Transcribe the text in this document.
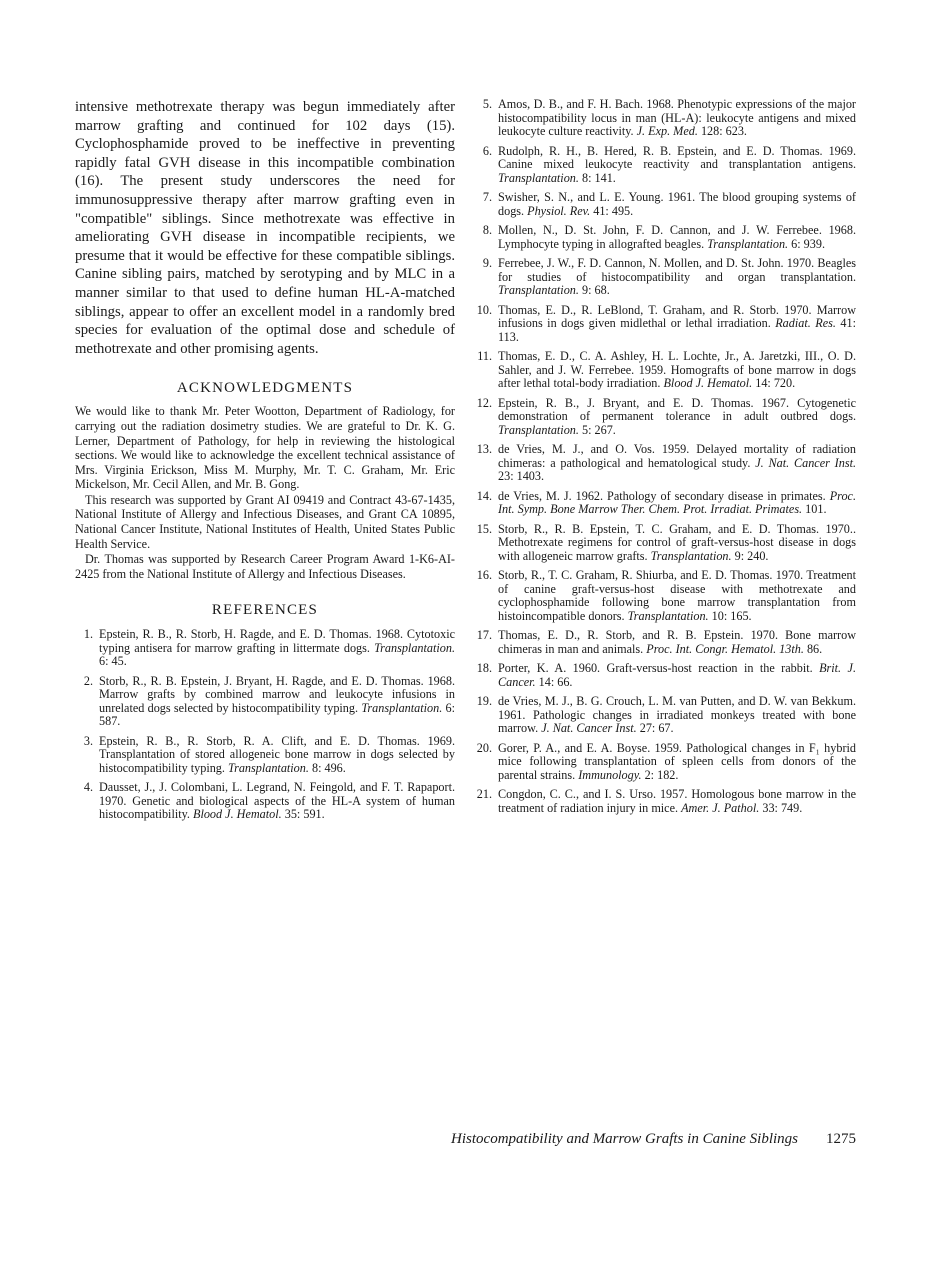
intensive methotrexate therapy was begun immediately after marrow grafting and continued for 102 days (15). Cyclophosphamide proved to be ineffective in preventing rapidly fatal GVH disease in this incompatible combination (16). The present study underscores the need for immunosuppressive therapy after marrow grafting even in "compatible" siblings. Since methotrexate was effective in ameliorating GVH disease in incompatible recipients, we presume that it would be effective for these compatible siblings. Canine sibling pairs, matched by serotyping and by MLC in a manner similar to that used to define human HL-A-matched siblings, appear to offer an excellent model in a randomly bred species for evaluation of the optimal dose and schedule of methotrexate and other promising agents.

ACKNOWLEDGMENTS

We would like to thank Mr. Peter Wootton, Department of Radiology, for carrying out the radiation dosimetry studies. We are grateful to Dr. K. G. Lerner, Department of Pathology, for help in reviewing the histological sections. We would like to acknowledge the excellent technical assistance of Mrs. Virginia Erickson, Miss M. Murphy, Mr. T. C. Graham, Mr. Eric Mickelson, Mr. Cecil Allen, and Mr. B. Gong.

This research was supported by Grant AI 09419 and Contract 43-67-1435, National Institute of Allergy and Infectious Diseases, and Grant CA 10895, National Cancer Institute, National Institutes of Health, United States Public Health Service.

Dr. Thomas was supported by Research Career Program Award 1-K6-AI-2425 from the National Institute of Allergy and Infectious Diseases.

REFERENCES
1. Epstein, R. B., R. Storb, H. Ragde, and E. D. Thomas. 1968. Cytotoxic typing antisera for marrow grafting in littermate dogs. Transplantation. 6: 45.
2. Storb, R., R. B. Epstein, J. Bryant, H. Ragde, and E. D. Thomas. 1968. Marrow grafts by combined marrow and leukocyte infusions in unrelated dogs selected by histocompatibility typing. Transplantation. 6: 587.
3. Epstein, R. B., R. Storb, R. A. Clift, and E. D. Thomas. 1969. Transplantation of stored allogeneic bone marrow in dogs selected by histocompatibility typing. Transplantation. 8: 496.
4. Dausset, J., J. Colombani, L. Legrand, N. Feingold, and F. T. Rapaport. 1970. Genetic and biological aspects of the HL-A system of human histocompatibility. Blood J. Hematol. 35: 591.
5. Amos, D. B., and F. H. Bach. 1968. Phenotypic expressions of the major histocompatibility locus in man (HL-A): leukocyte antigens and mixed leukocyte culture reactivity. J. Exp. Med. 128: 623.
6. Rudolph, R. H., B. Hered, R. B. Epstein, and E. D. Thomas. 1969. Canine mixed leukocyte reactivity and transplantation antigens. Transplantation. 8: 141.
7. Swisher, S. N., and L. E. Young. 1961. The blood grouping systems of dogs. Physiol. Rev. 41: 495.
8. Mollen, N., D. St. John, F. D. Cannon, and J. W. Ferrebee. 1968. Lymphocyte typing in allografted beagles. Transplantation. 6: 939.
9. Ferrebee, J. W., F. D. Cannon, N. Mollen, and D. St. John. 1970. Beagles for studies of histocompatibility and organ transplantation. Transplantation. 9: 68.
10. Thomas, E. D., R. LeBlond, T. Graham, and R. Storb. 1970. Marrow infusions in dogs given midlethal or lethal irradiation. Radiat. Res. 41: 113.
11. Thomas, E. D., C. A. Ashley, H. L. Lochte, Jr., A. Jaretzki, III., O. D. Sahler, and J. W. Ferrebee. 1959. Homografts of bone marrow in dogs after lethal total-body irradiation. Blood J. Hematol. 14: 720.
12. Epstein, R. B., J. Bryant, and E. D. Thomas. 1967. Cytogenetic demonstration of permanent tolerance in adult outbred dogs. Transplantation. 5: 267.
13. de Vries, M. J., and O. Vos. 1959. Delayed mortality of radiation chimeras: a pathological and hematological study. J. Nat. Cancer Inst. 23: 1403.
14. de Vries, M. J. 1962. Pathology of secondary disease in primates. Proc. Int. Symp. Bone Marrow Ther. Chem. Prot. Irradiat. Primates. 101.
15. Storb, R., R. B. Epstein, T. C. Graham, and E. D. Thomas. 1970.. Methotrexate regimens for control of graft-versus-host disease in dogs with allogeneic marrow grafts. Transplantation. 9: 240.
16. Storb, R., T. C. Graham, R. Shiurba, and E. D. Thomas. 1970. Treatment of canine graft-versus-host disease with methotrexate and cyclophosphamide following bone marrow transplantation from histoincompatible donors. Transplantation. 10: 165.
17. Thomas, E. D., R. Storb, and R. B. Epstein. 1970. Bone marrow chimeras in man and animals. Proc. Int. Congr. Hematol. 13th. 86.
18. Porter, K. A. 1960. Graft-versus-host reaction in the rabbit. Brit. J. Cancer. 14: 66.
19. de Vries, M. J., B. G. Crouch, L. M. van Putten, and D. W. van Bekkum. 1961. Pathologic changes in irradiated monkeys treated with bone marrow. J. Nat. Cancer Inst. 27: 67.
20. Gorer, P. A., and E. A. Boyse. 1959. Pathological changes in F₁ hybrid mice following transplantation of spleen cells from donors of the parental strains. Immunology. 2: 182.
21. Congdon, C. C., and I. S. Urso. 1957. Homologous bone marrow in the treatment of radiation injury in mice. Amer. J. Pathol. 33: 749.
Histocompatibility and Marrow Grafts in Canine Siblings 1275
